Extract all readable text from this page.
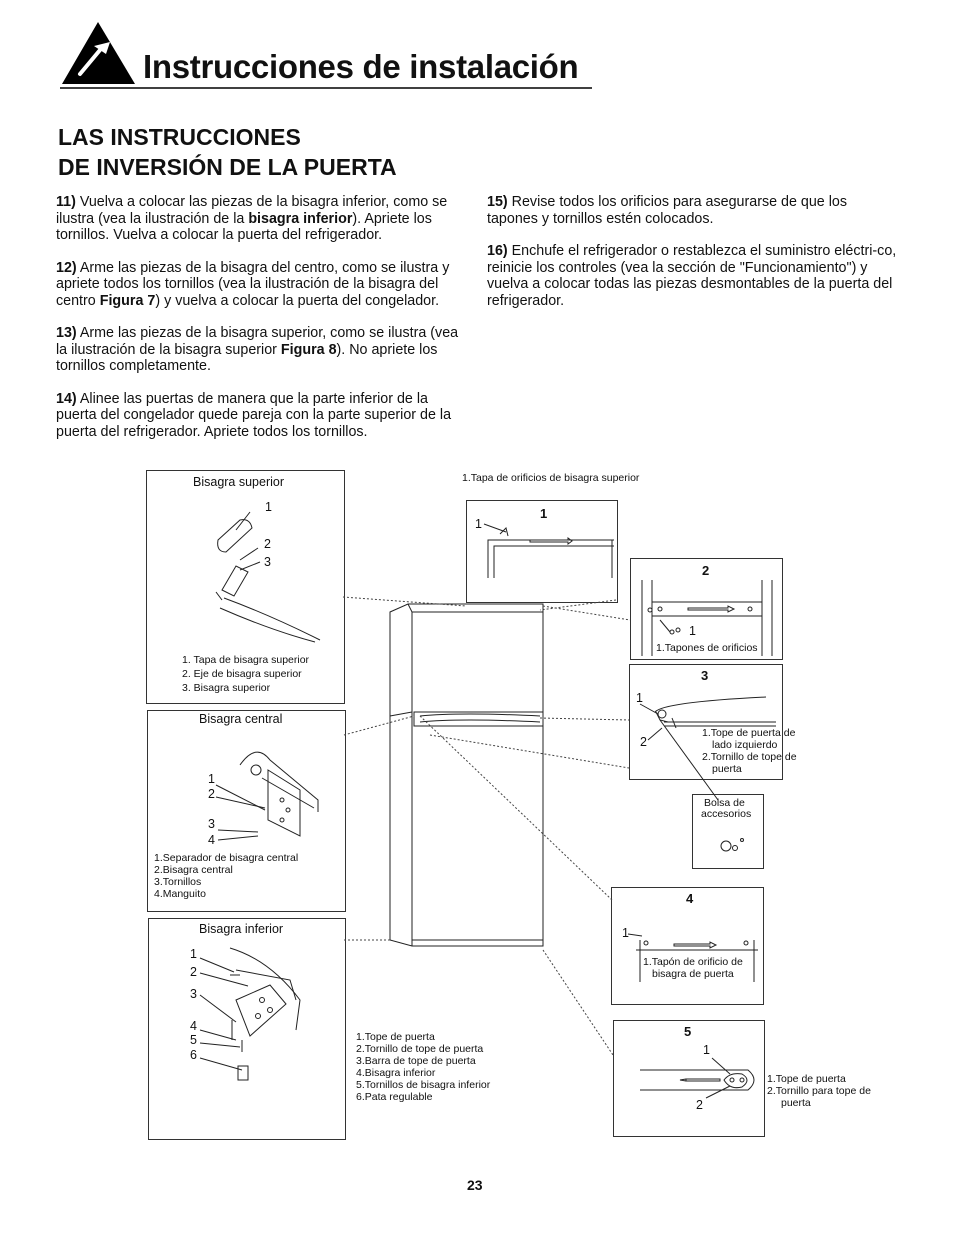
Instrucciones de instalación
LAS INSTRUCCIONES
DE INVERSIÓN DE LA PUERTA

11) Vuelva a colocar las piezas de la bisagra inferior, como se ilustra (vea la ilustración de la bisagra inferior). Apriete los tornillos. Vuelva a colocar la puerta del refrigerador.

12) Arme las piezas de la bisagra del centro, como se ilustra y apriete todos los tornillos (vea la ilustración de la bisagra del centro Figura 7) y vuelva a colocar la puerta del congelador.

13) Arme las piezas de la bisagra superior, como se ilustra (vea la ilustración de la bisagra superior Figura 8). No apriete los tornillos completamente.

14) Alinee las puertas de manera que la parte inferior de la puerta del congelador quede pareja con la parte superior de la puerta del refrigerador. Apriete todos los tornillos.

15) Revise todos los orificios para asegurarse de que los tapones y tornillos estén colocados.

16) Enchufe el refrigerador o restablezca el suministro eléctri-co, reinicie los controles (vea la sección de "Funcionamiento") y vuelva a colocar todas las piezas desmontables de la puerta del refrigerador.

Bisagra superior
1
2
3
1. Tapa de bisagra superior
2. Eje de bisagra superior
3. Bisagra superior
Bisagra central
1
2
3
4
1.Separador de bisagra central
2.Bisagra central
3.Tornillos
4.Manguito
Bisagra inferior
1
2
3
4
5
6
1.Tope de puerta
2.Tornillo de tope de puerta
3.Barra de tope de puerta
4.Bisagra inferior
5.Tornillos de bisagra inferior
6.Pata regulable
1.Tapa de orificios de bisagra superior
1
1
2
1
1.Tapones de orificios
3
1
2
1.Tope de puerta de
lado izquierdo
2.Tornillo de tope de
puerta
Bolsa de
accesorios
4
1
1.Tapón de orificio de
bisagra de puerta
5
1
2
1.Tope de puerta
2.Tornillo para tope de
puerta
23
